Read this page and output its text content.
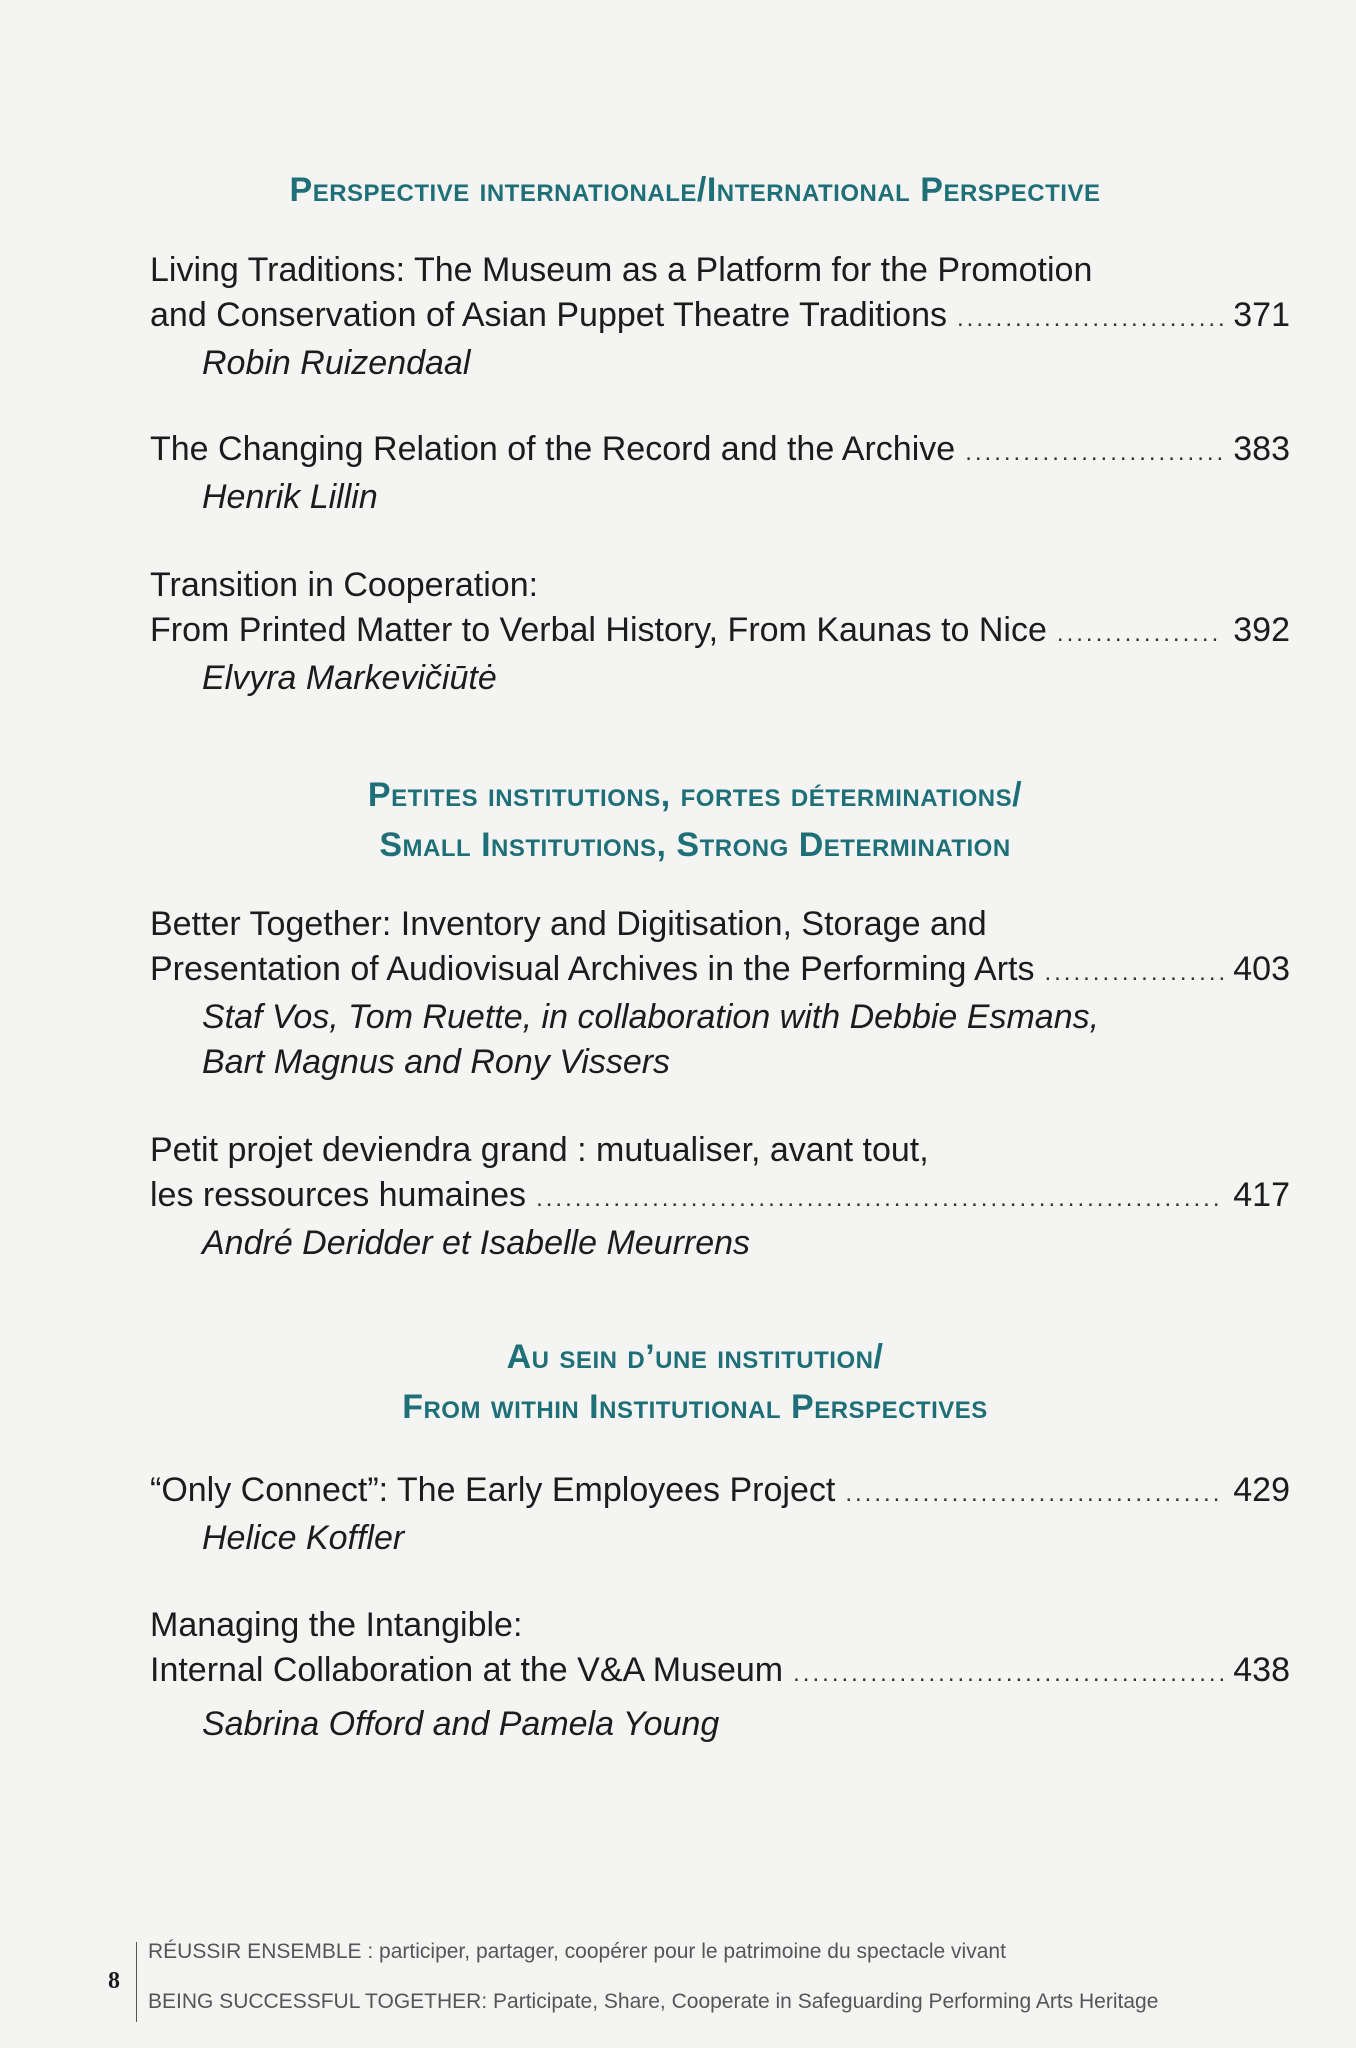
Perspective internationale/International Perspective
Living Traditions: The Museum as a Platform for the Promotion
and Conservation of Asian Puppet Theatre Traditions .....	371
Robin Ruizendaal
The Changing Relation of the Record and the Archive .....	383
Henrik Lillin
Transition in Cooperation:
From Printed Matter to Verbal History, From Kaunas to Nice .....	392
Elvyra Markevičiūtė
Petites institutions, fortes déterminations/
Small Institutions, Strong Determination
Better Together: Inventory and Digitisation, Storage and
Presentation of Audiovisual Archives in the Performing Arts .....	403
Staf Vos, Tom Ruette, in collaboration with Debbie Esmans,
Bart Magnus and Rony Vissers
Petit projet deviendra grand : mutualiser, avant tout,
les ressources humaines .....	417
André Deridder et Isabelle Meurrens
Au sein d’une institution/
From within Institutional Perspectives
“Only Connect”: The Early Employees Project .....	429
Helice Koffler
Managing the Intangible:
Internal Collaboration at the V&A Museum .....	438
Sabrina Offord and Pamela Young
8
RÉUSSIR ENSEMBLE : participer, partager, coopérer pour le patrimoine du spectacle vivant
BEING SUCCESSFUL TOGETHER: Participate, Share, Cooperate in Safeguarding Performing Arts Heritage
